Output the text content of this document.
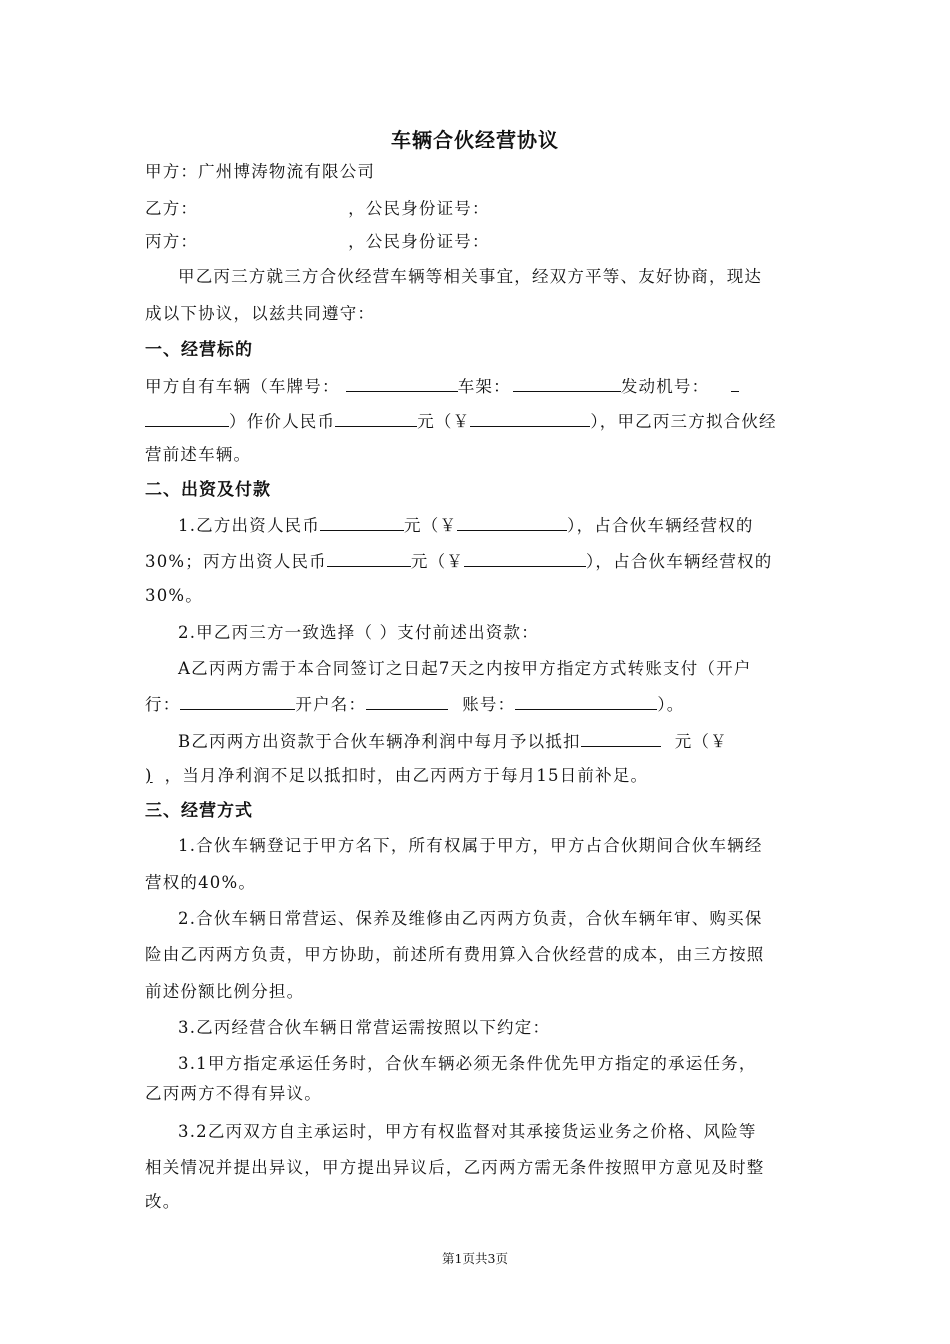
车辆合伙经营协议
甲方：广州博涛物流有限公司
乙方：	，公民身份证号：
丙方：	，公民身份证号：
甲乙丙三方就三方合伙经营车辆等相关事宜，经双方平等、友好协商，现达
成以下协议，以兹共同遵守：
一、经营标的
甲方自有车辆（车牌号：	车架：	发动机号：
）作价人民币	元（￥	），甲乙丙三方拟合伙经
营前述车辆。
二、出资及付款
1.乙方出资人民币	元（￥	），占合伙车辆经营权的
30%；丙方出资人民币	元（￥	），占合伙车辆经营权的
30%。
2.甲乙丙三方一致选择（ ）支付前述出资款：
A乙丙两方需于本合同签订之日起7天之内按甲方指定方式转账支付（开户
行：	开户名：	账号：	）。
B乙丙两方出资款于合伙车辆净利润中每月予以抵扣	元（￥
) ，当月净利润不足以抵扣时，由乙丙两方于每月15日前补足。
三、经营方式
1.合伙车辆登记于甲方名下，所有权属于甲方，甲方占合伙期间合伙车辆经
营权的40%。
2.合伙车辆日常营运、保养及维修由乙丙两方负责，合伙车辆年审、购买保
险由乙丙两方负责，甲方协助，前述所有费用算入合伙经营的成本，由三方按照
前述份额比例分担。
3.乙丙经营合伙车辆日常营运需按照以下约定：
3.1甲方指定承运任务时，合伙车辆必须无条件优先甲方指定的承运任务，
乙丙两方不得有异议。
3.2乙丙双方自主承运时，甲方有权监督对其承接货运业务之价格、风险等
相关情况并提出异议，甲方提出异议后，乙丙两方需无条件按照甲方意见及时整
改。
第1页共3页
